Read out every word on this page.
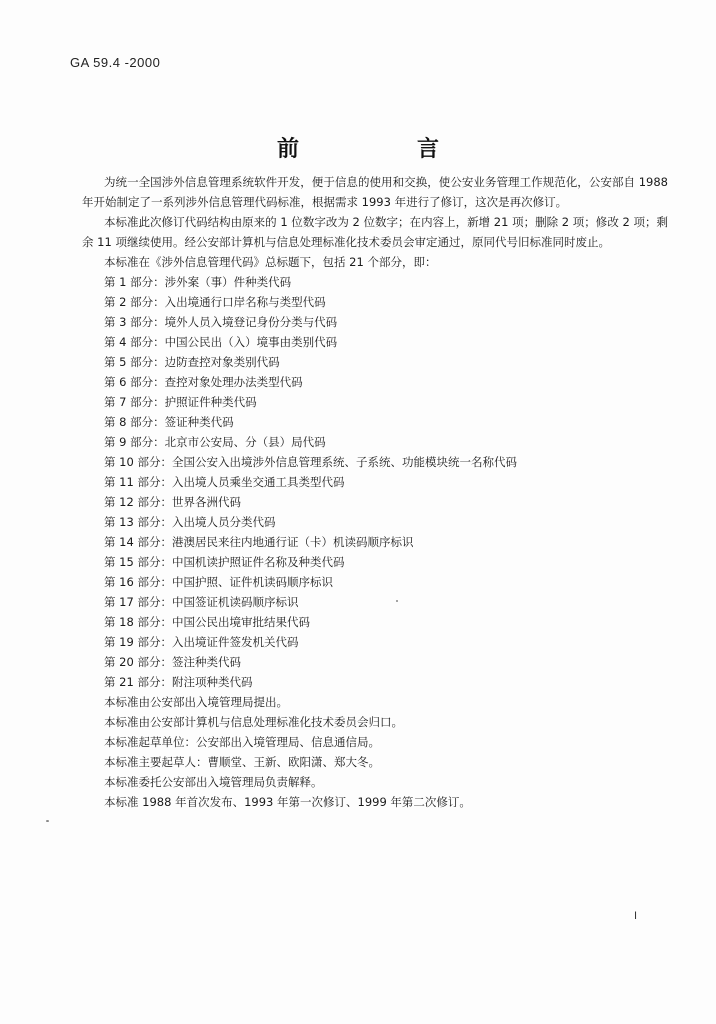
GA 59.4 -2000
前　言

为统一全国涉外信息管理系统软件开发，便于信息的使用和交换，使公安业务管理工作规范化，公安部自 1988 年开始制定了一系列涉外信息管理代码标准，根据需求 1993 年进行了修订，这次是再次修订。

本标准此次修订代码结构由原来的 1 位数字改为 2 位数字；在内容上，新增 21 项；删除 2 项；修改 2 项；剩余 11 项继续使用。经公安部计算机与信息处理标准化技术委员会审定通过，原同代号旧标准同时废止。

本标准在《涉外信息管理代码》总标题下，包括 21 个部分，即：

第 1 部分：涉外案（事）件种类代码
第 2 部分：入出境通行口岸名称与类型代码
第 3 部分：境外人员入境登记身份分类与代码
第 4 部分：中国公民出（入）境事由类别代码
第 5 部分：边防查控对象类别代码
第 6 部分：查控对象处理办法类型代码
第 7 部分：护照证件种类代码
第 8 部分：签证种类代码
第 9 部分：北京市公安局、分（县）局代码
第 10 部分：全国公安入出境涉外信息管理系统、子系统、功能模块统一名称代码
第 11 部分：入出境人员乘坐交通工具类型代码
第 12 部分：世界各洲代码
第 13 部分：入出境人员分类代码
第 14 部分：港澳居民来往内地通行证（卡）机读码顺序标识
第 15 部分：中国机读护照证件名称及种类代码
第 16 部分：中国护照、证件机读码顺序标识
第 17 部分：中国签证机读码顺序标识
第 18 部分：中国公民出境审批结果代码
第 19 部分：入出境证件签发机关代码
第 20 部分：签注种类代码
第 21 部分：附注项种类代码

本标准由公安部出入境管理局提出。

本标准由公安部计算机与信息处理标准化技术委员会归口。

本标准起草单位：公安部出入境管理局、信息通信局。

本标准主要起草人：曹顺堂、王新、欧阳潇、郑大冬。

本标准委托公安部出入境管理局负责解释。

本标准 1988 年首次发布、1993 年第一次修订、1999 年第二次修订。

I
